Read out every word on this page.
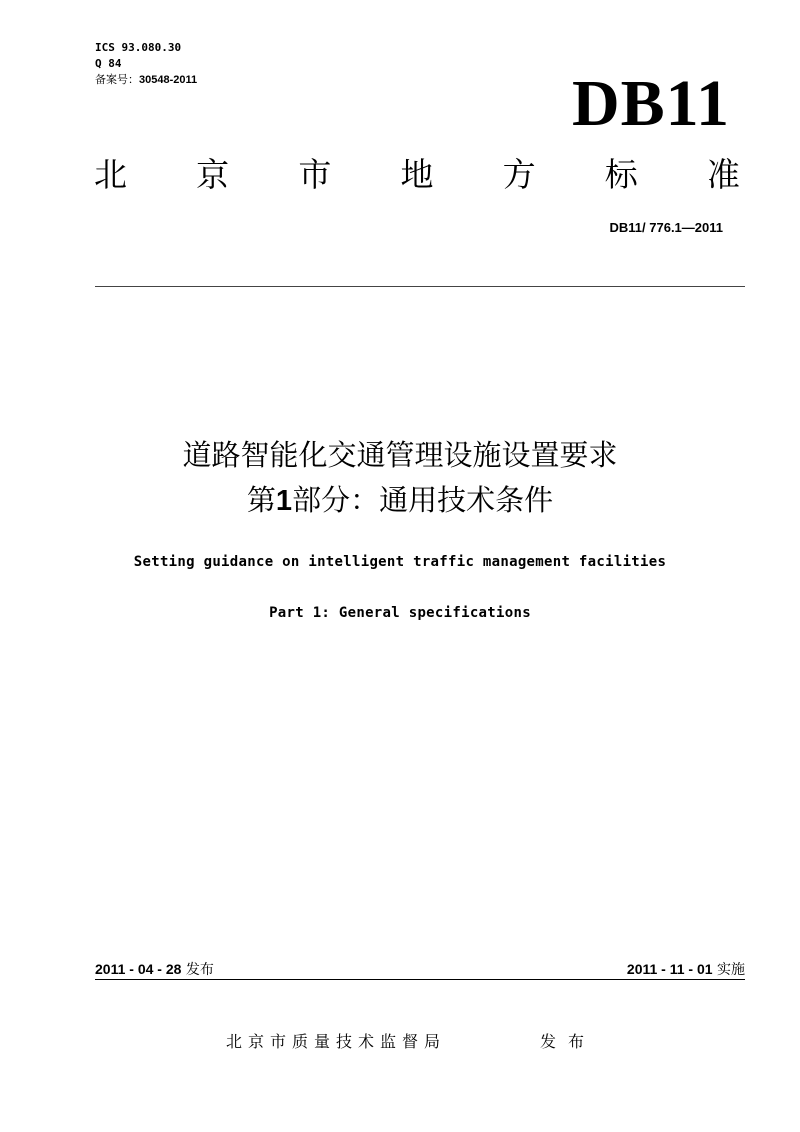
ICS 93.080.30
Q 84
备案号：30548-2011	DB11
北 京 市 地 方 标 准
DB11/ 776.1—2011
道路智能化交通管理设施设置要求
第1部分：通用技术条件
Setting guidance on intelligent traffic management facilities
Part 1: General specifications
2011 - 04 - 28 发布	2011 - 11 - 01 实施
北京市质量技术监督局	发布
